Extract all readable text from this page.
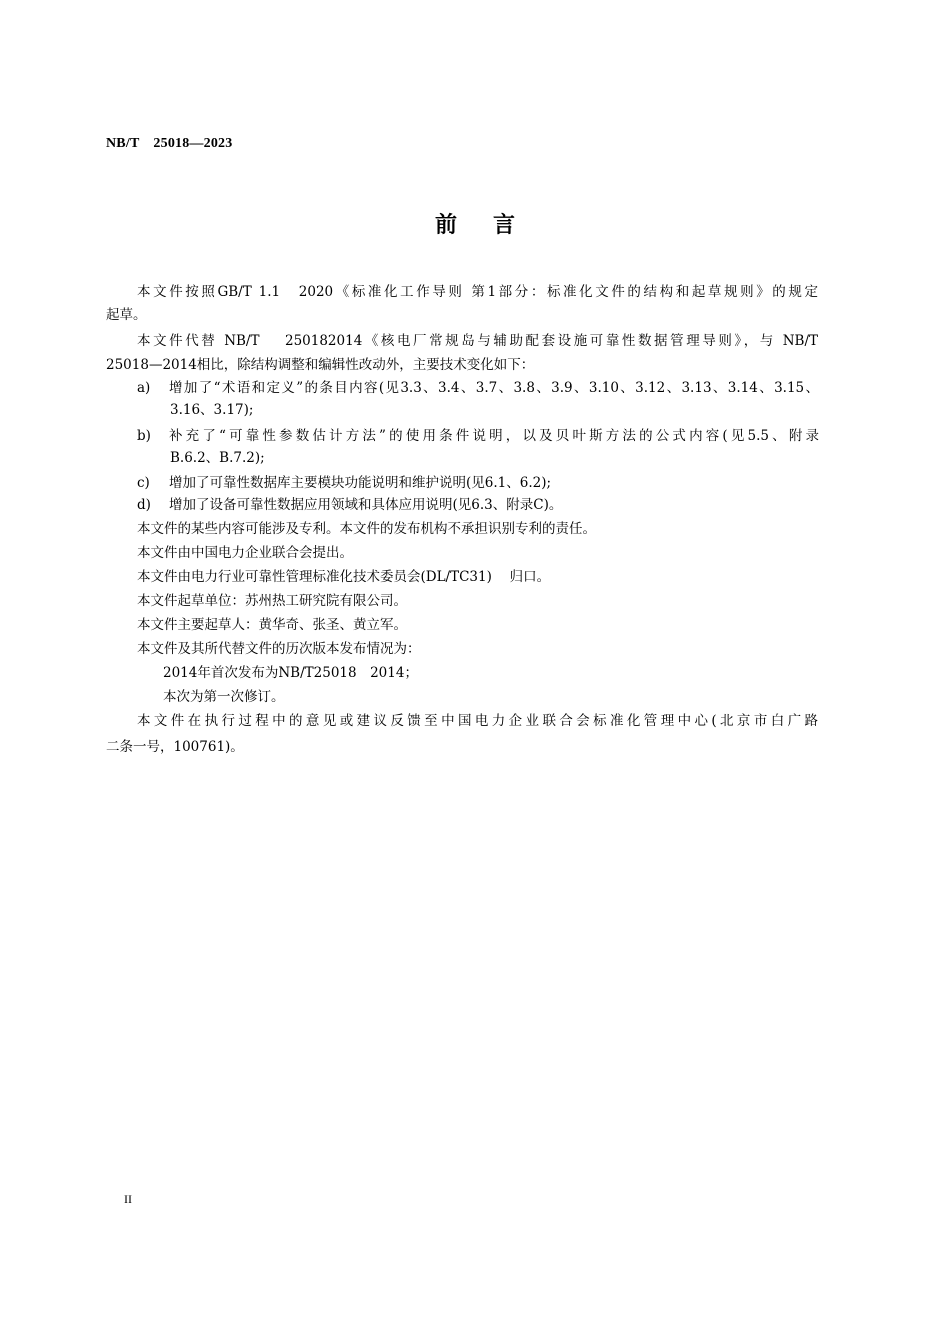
NB/T　25018—2023
前言
本文件按照GB/T 1.1　2020《标准化工作导则 第1部分：标准化文件的结构和起草规则》的规定
起草。
本文件代替 NB/T　 250182014《核电厂常规岛与辅助配套设施可靠性数据管理导则》，与 NB/T
25018—2014相比，除结构调整和编辑性改动外，主要技术变化如下：
a) 增加了“术语和定义”的条目内容(见3.3、3.4、3.7、3.8、3.9、3.10、3.12、3.13、3.14、3.15、
3.16、3.17);
b) 补充了“可靠性参数估计方法”的使用条件说明，以及贝叶斯方法的公式内容(见5.5、附录
B.6.2、B.7.2);
c) 增加了可靠性数据库主要模块功能说明和维护说明(见6.1、6.2);
d) 增加了设备可靠性数据应用领域和具体应用说明(见6.3、附录C)。
本文件的某些内容可能涉及专利。本文件的发布机构不承担识别专利的责任。
本文件由中国电力企业联合会提出。
本文件由电力行业可靠性管理标准化技术委员会(DL/TC31)　 归口。
本文件起草单位：苏州热工研究院有限公司。
本文件主要起草人：黄华奇、张圣、黄立军。
本文件及其所代替文件的历次版本发布情况为：
2014年首次发布为NB/T25018　2014；
本次为第一次修订。
本文件在执行过程中的意见或建议反馈至中国电力企业联合会标准化管理中心(北京市白广路
二条一号，100761)。
II
